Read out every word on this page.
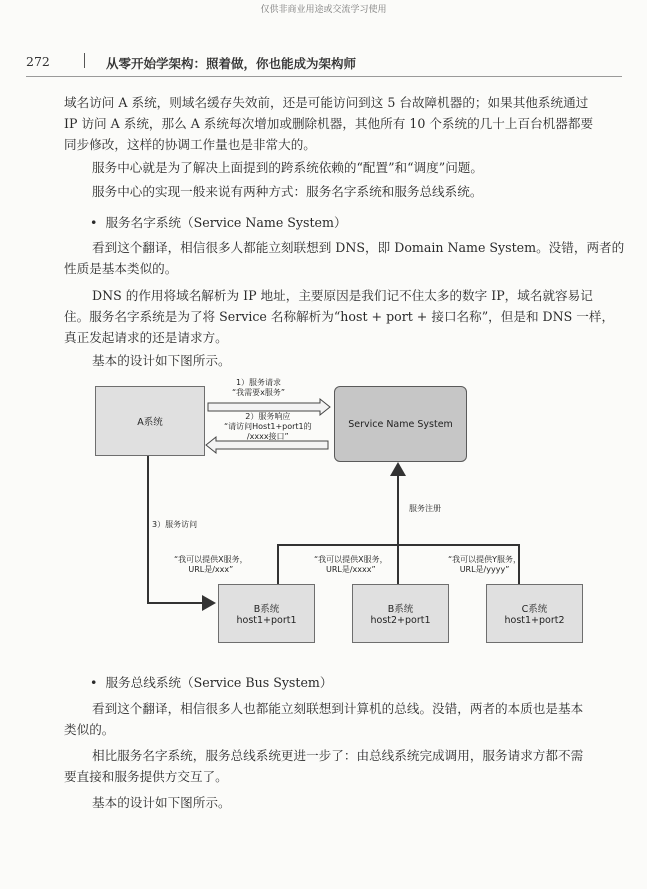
仅供非商业用途或交流学习使用
272	从零开始学架构：照着做，你也能成为架构师
域名访问 A 系统，则域名缓存失效前，还是可能访问到这 5 台故障机器的；如果其他系统通过
IP 访问 A 系统，那么 A 系统每次增加或删除机器，其他所有 10 个系统的几十上百台机器都要
同步修改，这样的协调工作量也是非常大的。
服务中心就是为了解决上面提到的跨系统依赖的“配置”和“调度”问题。
服务中心的实现一般来说有两种方式：服务名字系统和服务总线系统。
• 服务名字系统（Service Name System）
看到这个翻译，相信很多人都能立刻联想到 DNS，即 Domain Name System。没错，两者的
性质是基本类似的。
DNS 的作用将域名解析为 IP 地址，主要原因是我们记不住太多的数字 IP，域名就容易记
住。服务名字系统是为了将 Service 名称解析为“host + port + 接口名称”，但是和 DNS 一样，
真正发起请求的还是请求方。
基本的设计如下图所示。
A系统	Service Name System
1）服务请求
“我需要x服务”
2）服务响应
“请访问Host1+port1的
/xxxx接口”
3）服务访问
服务注册
“我可以提供X服务，
URL是/xxx”
“我可以提供X服务，
URL是/xxxx”
“我可以提供Y服务，
URL是/yyyy”
B系统
host1+port1
B系统
host2+port1
C系统
host1+port2
• 服务总线系统（Service Bus System）
看到这个翻译，相信很多人也都能立刻联想到计算机的总线。没错，两者的本质也是基本
类似的。
相比服务名字系统，服务总线系统更进一步了：由总线系统完成调用，服务请求方都不需
要直接和服务提供方交互了。
基本的设计如下图所示。
